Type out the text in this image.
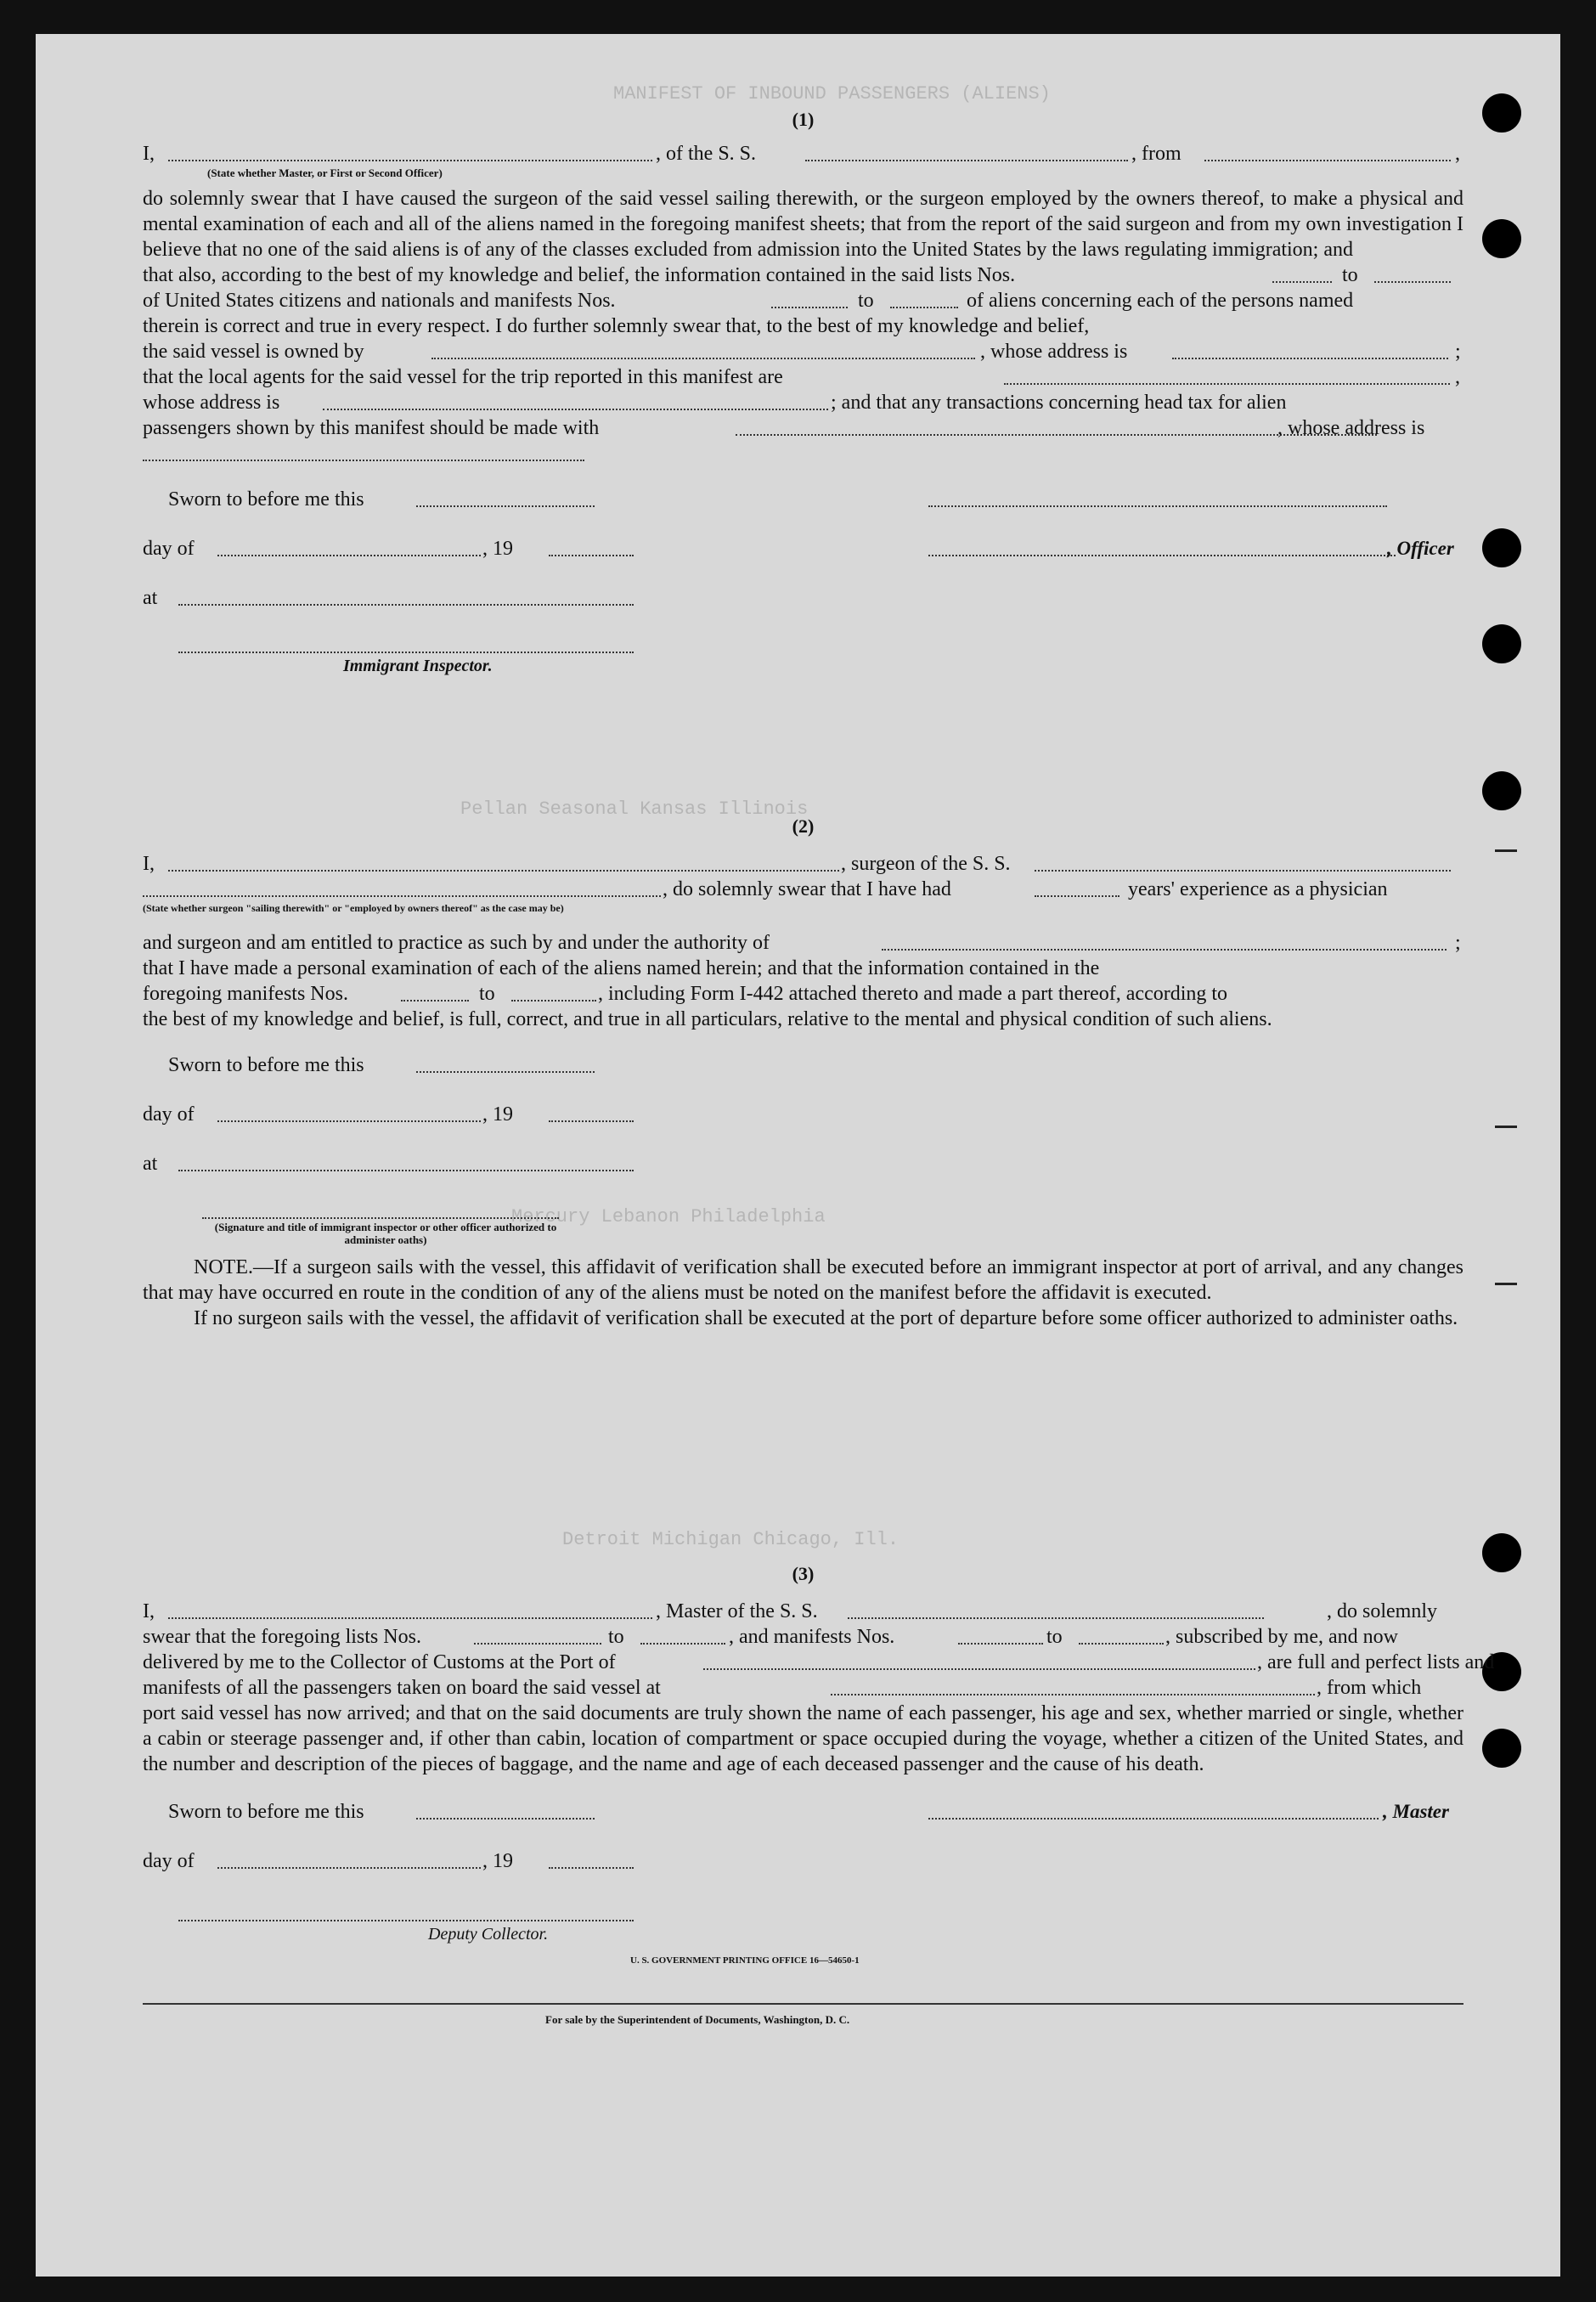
MANIFEST OF INBOUND PASSENGERS (ALIENS)
Pellan Seasonal Kansas Illinois
Mercury Lebanon Philadelphia
Detroit Michigan Chicago, Ill.
(1)
I,	, of the S. S.	, from	,
(State whether Master, or First or Second Officer)

do solemnly swear that I have caused the surgeon of the said vessel sailing therewith, or the surgeon employed by the owners thereof, to make a physical and mental examination of each and all of the aliens named in the foregoing manifest sheets; that from the report of the said surgeon and from my own investigation I believe that no one of the said aliens is of any of the classes excluded from admission into the United States by the laws regulating immigration; and

that also, according to the best of my knowledge and belief, the information contained in the said lists Nos.	to
of United States citizens and nationals and manifests Nos.	to	of aliens concerning each of the persons named
therein is correct and true in every respect. I do further solemnly swear that, to the best of my knowledge and belief,
the said vessel is owned by	, whose address is	;
that the local agents for the said vessel for the trip reported in this manifest are	,
whose address is	; and that any transactions concerning head tax for alien
passengers shown by this manifest should be made with	, whose address is
Sworn to before me this
day of	, 19	, Officer
at
Immigrant Inspector.
(2)
I,	, surgeon of the S. S.
, do solemnly swear that I have had	years' experience as a physician
(State whether surgeon "sailing therewith" or "employed by owners thereof" as the case may be)
and surgeon and am entitled to practice as such by and under the authority of	;
that I have made a personal examination of each of the aliens named herein; and that the information contained in the
foregoing manifests Nos.	to	, including Form I-442 attached thereto and made a part thereof, according to

the best of my knowledge and belief, is full, correct, and true in all particulars, relative to the mental and physical condition of such aliens.

Sworn to before me this
day of	, 19
at
(Signature and title of immigrant inspector or other officer authorized to administer oaths)

NOTE.—If a surgeon sails with the vessel, this affidavit of verification shall be executed before an immigrant inspector at port of arrival, and any changes that may have occurred en route in the condition of any of the aliens must be noted on the manifest before the affidavit is executed.

If no surgeon sails with the vessel, the affidavit of verification shall be executed at the port of departure before some officer authorized to administer oaths.

(3)
I,	, Master of the S. S.	, do solemnly
swear that the foregoing lists Nos.	to	, and manifests Nos.	to	, subscribed by me, and now
delivered by me to the Collector of Customs at the Port of	, are full and perfect lists and
manifests of all the passengers taken on board the said vessel at	, from which

port said vessel has now arrived; and that on the said documents are truly shown the name of each passenger, his age and sex, whether married or single, whether a cabin or steerage passenger and, if other than cabin, location of compartment or space occupied during the voyage, whether a citizen of the United States, and the number and description of the pieces of baggage, and the name and age of each deceased passenger and the cause of his death.

Sworn to before me this	, Master
day of	, 19
Deputy Collector.
U. S. GOVERNMENT PRINTING OFFICE 16—54650-1
For sale by the Superintendent of Documents, Washington, D. C.
